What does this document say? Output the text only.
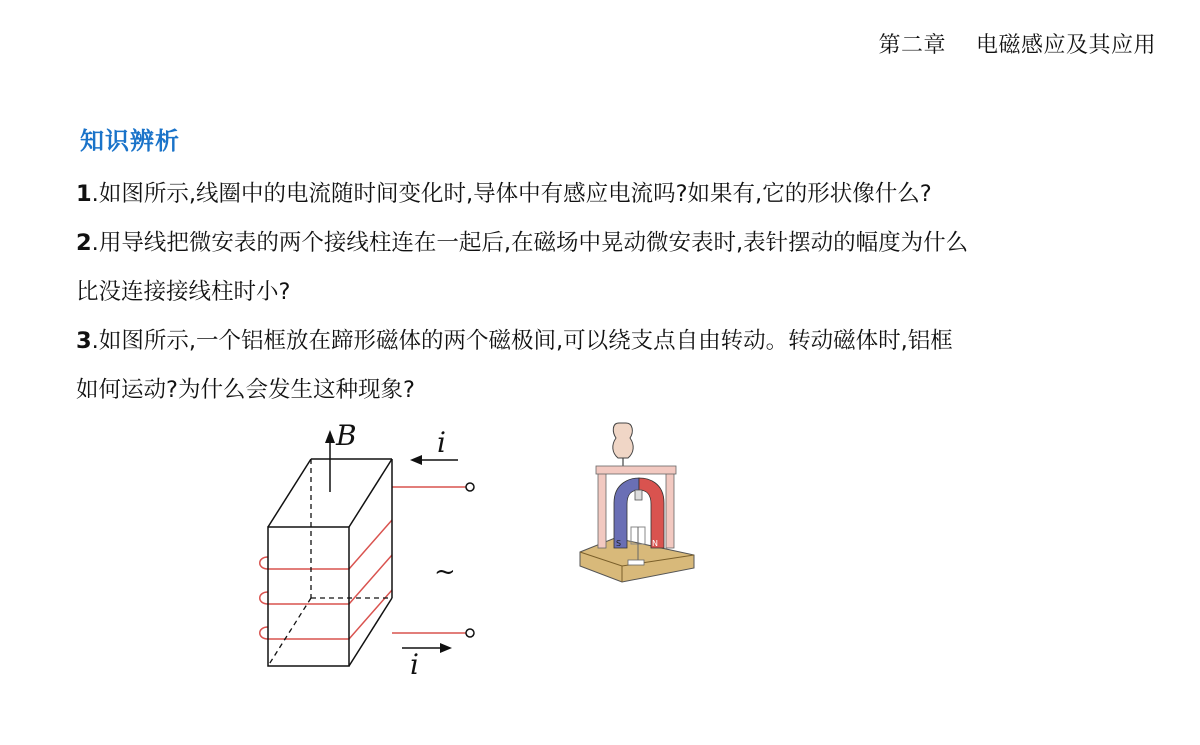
第二章    电磁感应及其应用
知识辨析
1.如图所示,线圈中的电流随时间变化时,导体中有感应电流吗?如果有,它的形状像什么?
2.用导线把微安表的两个接线柱连在一起后,在磁场中晃动微安表时,表针摆动的幅度为什么
比没连接接线柱时小?
3.如图所示,一个铝框放在蹄形磁体的两个磁极间,可以绕支点自由转动。转动磁体时,铝框
如何运动?为什么会发生这种现象?
B	i
~
i
S	N
